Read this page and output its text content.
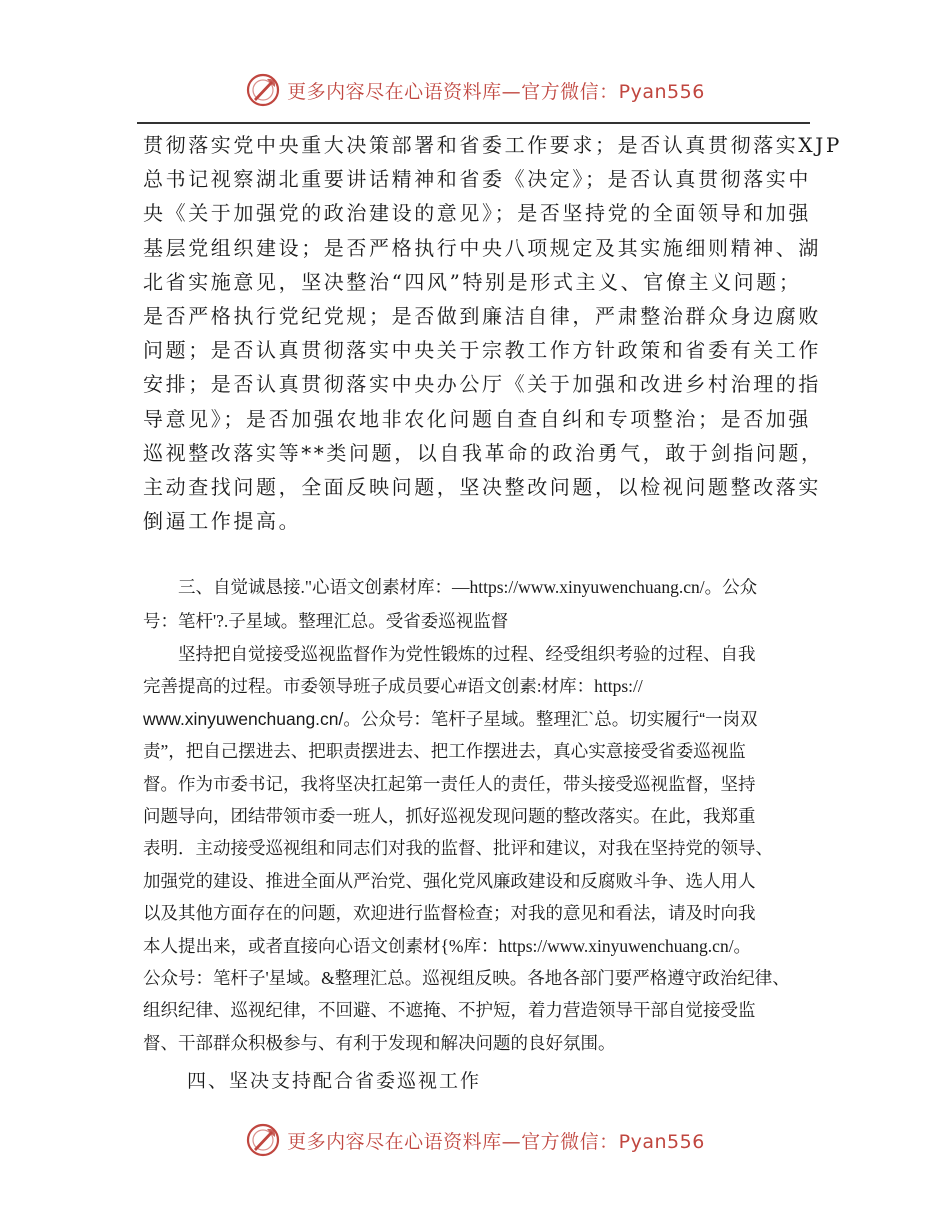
更多内容尽在心语资料库—官方微信：Pyan556
贯彻落实党中央重大决策部署和省委工作要求；是否认真贯彻落实XJP
总书记视察湖北重要讲话精神和省委《决定》；是否认真贯彻落实中
央《关于加强党的政治建设的意见》；是否坚持党的全面领导和加强
基层党组织建设；是否严格执行中央八项规定及其实施细则精神、湖
北省实施意见，坚决整治“四风”特别是形式主义、官僚主义问题；
是否严格执行党纪党规；是否做到廉洁自律，严肃整治群众身边腐败
问题；是否认真贯彻落实中央关于宗教工作方针政策和省委有关工作
安排；是否认真贯彻落实中央办公厅《关于加强和改进乡村治理的指
导意见》；是否加强农地非农化问题自查自纠和专项整治；是否加强
巡视整改落实等**类问题，以自我革命的政治勇气，敢于剑指问题，
主动查找问题，全面反映问题，坚决整改问题，以检视问题整改落实
倒逼工作提高。
　　三、自觉诚恳接."心语文创素材库：—https://www.xinyuwenchuang.cn/。公众
号：笔杆'?.子星域。整理汇总。受省委巡视监督
　　坚持把自觉接受巡视监督作为党性锻炼的过程、经受组织考验的过程、自我
完善提高的过程。市委领导班子成员要心#语文创素:材库：https://
www.xinyuwenchuang.cn/。公众号：笔杆子星域。整理汇`总。切实履行“一岗双
责”，把自己摆进去、把职责摆进去、把工作摆进去，真心实意接受省委巡视监
督。作为市委书记，我将坚决扛起第一责任人的责任，带头接受巡视监督，坚持
问题导向，团结带领市委一班人，抓好巡视发现问题的整改落实。在此，我郑重
表明．主动接受巡视组和同志们对我的监督、批评和建议，对我在坚持党的领导、
加强党的建设、推进全面从严治党、强化党风廉政建设和反腐败斗争、选人用人
以及其他方面存在的问题，欢迎进行监督检查；对我的意见和看法，请及时向我
本人提出来，或者直接向心语文创素材{%库：https://www.xinyuwenchuang.cn/。
公众号：笔杆子'星域。&整理汇总。巡视组反映。各地各部门要严格遵守政治纪律、
组织纪律、巡视纪律，不回避、不遮掩、不护短，着力营造领导干部自觉接受监
督、干部群众积极参与、有利于发现和解决问题的良好氛围。
四、坚决支持配合省委巡视工作
更多内容尽在心语资料库—官方微信：Pyan556
